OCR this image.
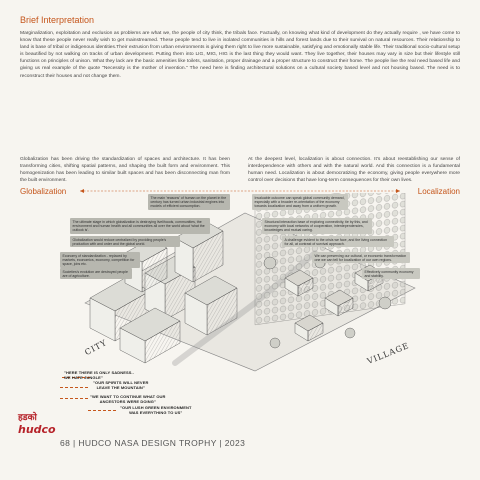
Brief Interpretation

Marginalization, exploitation and exclusion as problems are what we, the people of city think, the tribals face. Factually, on knowing what kind of development do they actually require , we have come to know that these people never really wish to get mainstreamed. These people tend to live in isolated communities in hills and forest lands due to their survival on natural resources. Their relationship to land is base of tribal or indigenous identities.Their extrusion from urban environments is giving them right to live more sustainable, satisfying and emotionally stable life. Their traditional socio-cultural setup is beautified by not walking on tracks of urban development. Putting them into LIG, MIG, HIG is the last thing they would want. They live together, their houses may vary in size but their lifestyle still functions on principles of unison. What they lack are the basic amenities like toilets, sanitation, proper drainage and a proper structure to construct their home. The people live the real need based life and giving us real example of the quote "Necessity is the mother of invention." The need here is finding architectural solutions on a cultural society based level and not housing based. The need is to reconstruct their houses and not change them.

Globalization has been driving the standardization of spaces and architecture. It has been transforming cities, shifting spatial patterns, and shaping the built form and environment. This homogenization has been leading to similar built spaces and has been disconnecting man from the built environment.

At the deepest level, localization is about connection. It's about reestablishing our sense of interdependence with others and with the natural world. And this connection is a fundamental human need. Localization is about democratizing the economy, giving people everywhere more control over decisions that have long-term consequences for their own lives.

Globalization	Localization
CITY	VILLAGE
The main 'reasons' of human on the planet in the century has turned urban industrial engines into models of efficient consumption.
The ultimate stage in which globalization is destroying livelihoods, communities, the environment and human health and all communities all over the world about 'what the outlook is'.
Globalization would reduce centralized by providing people's production with and order and the global world.
Economy of standardization - replaced by markets, economics, economy, competition for space, jobs etc.
Societies's evolution are destroyed people are of agriculture.
Invaluable outcome can speak global community demand, especially with a broader re-orientation of the economy towards localization and away from a uniform growth.
Structural interaction base of exploring connectivity, tie by this, and economy with local networks of cooperation, interdependencies, knowledges and mutual caring.
A challenge evident to the crisis we face, and the living connection for all, at contrast of survival approach.
We can preserving our cultural, or economic transformation one we can tell for localization of our own regions.
Effectively community economy and stability.
"HERE THERE IS ONLY SADNESS..
WE HATE JUNGLE"
"OUR SPIRITS WILL NEVER
LEAVE THE MOUNTAIN"
"WE WANT TO CONTINUE WHAT OUR
ANCESTORS WERE DOING"
"OUR LUSH GREEN ENVIRONMENT
WAS EVERYTHING TO US"
हडको
hudco
68 | HUDCO NASA DESIGN TROPHY | 2023
